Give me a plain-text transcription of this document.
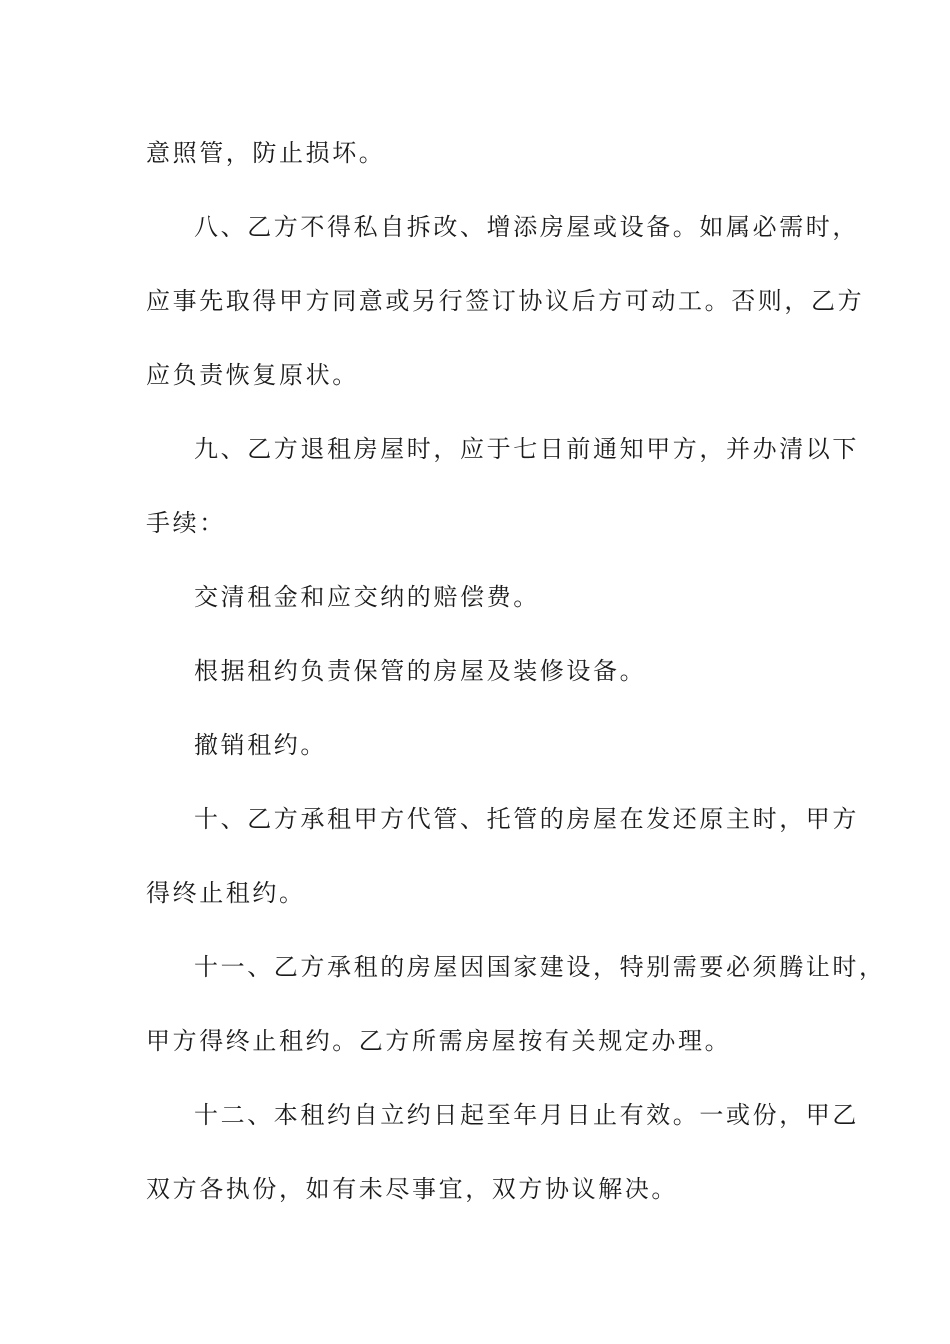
意照管，防止损坏。
八、乙方不得私自拆改、增添房屋或设备。如属必需时，
应事先取得甲方同意或另行签订协议后方可动工。否则，乙方
应负责恢复原状。
九、乙方退租房屋时，应于七日前通知甲方，并办清以下
手续：
交清租金和应交纳的赔偿费。
根据租约负责保管的房屋及装修设备。
撤销租约。
十、乙方承租甲方代管、托管的房屋在发还原主时，甲方
得终止租约。
十一、乙方承租的房屋因国家建设，特别需要必须腾让时，
甲方得终止租约。乙方所需房屋按有关规定办理。
十二、本租约自立约日起至年月日止有效。一或份，甲乙
双方各执份，如有未尽事宜，双方协议解决。
